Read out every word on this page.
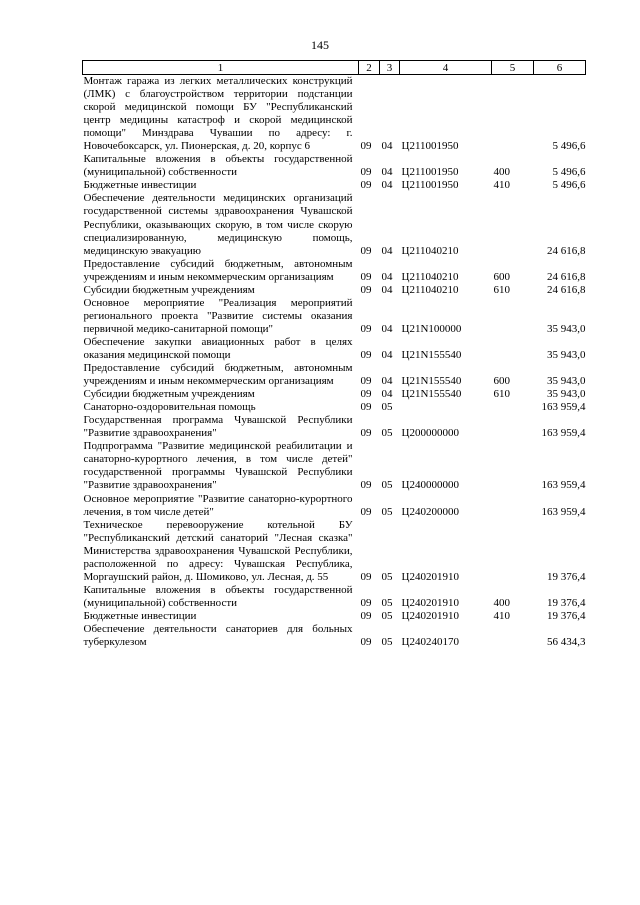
145
1	2	3	4	5	6
Монтаж гаража из легких металлических конструкций (ЛМК) с благоустройством территории подстанции скорой медицинской помощи БУ "Республиканский центр медицины катастроф и скорой медицинской помощи" Минздрава Чувашии по адресу: г. Новочебоксарск, ул. Пионерская, д. 20, корпус 6	09	04	Ц211001950		5 496,6
Капитальные вложения в объекты государственной (муниципальной) собственности	09	04	Ц211001950	400	5 496,6
Бюджетные инвестиции	09	04	Ц211001950	410	5 496,6
Обеспечение деятельности медицинских организаций государственной системы здравоохранения Чувашской Республики, оказывающих скорую, в том числе скорую специализированную, медицинскую помощь, медицинскую эвакуацию	09	04	Ц211040210		24 616,8
Предоставление субсидий бюджетным, автономным учреждениям и иным некоммерческим организациям	09	04	Ц211040210	600	24 616,8
Субсидии бюджетным учреждениям	09	04	Ц211040210	610	24 616,8
Основное мероприятие "Реализация мероприятий регионального проекта "Развитие системы оказания первичной медико-санитарной помощи"	09	04	Ц21N100000		35 943,0
Обеспечение закупки авиационных работ в целях оказания медицинской помощи	09	04	Ц21N155540		35 943,0
Предоставление субсидий бюджетным, автономным учреждениям и иным некоммерческим организациям	09	04	Ц21N155540	600	35 943,0
Субсидии бюджетным учреждениям	09	04	Ц21N155540	610	35 943,0
Санаторно-оздоровительная помощь	09	05			163 959,4
Государственная программа Чувашской Республики "Развитие здравоохранения"	09	05	Ц200000000		163 959,4
Подпрограмма "Развитие медицинской реабилитации и санаторно-курортного лечения, в том числе детей" государственной программы Чувашской Республики "Развитие здравоохранения"	09	05	Ц240000000		163 959,4
Основное мероприятие "Развитие санаторно-курортного лечения, в том числе детей"	09	05	Ц240200000		163 959,4
Техническое перевооружение котельной БУ "Республиканский детский санаторий "Лесная сказка" Министерства здравоохранения Чувашской Республики, расположенной по адресу: Чувашская Республика, Моргаушский район, д. Шомиково, ул. Лесная, д. 55	09	05	Ц240201910		19 376,4
Капитальные вложения в объекты государственной (муниципальной) собственности	09	05	Ц240201910	400	19 376,4
Бюджетные инвестиции	09	05	Ц240201910	410	19 376,4
Обеспечение деятельности санаториев для больных туберкулезом	09	05	Ц240240170		56 434,3
